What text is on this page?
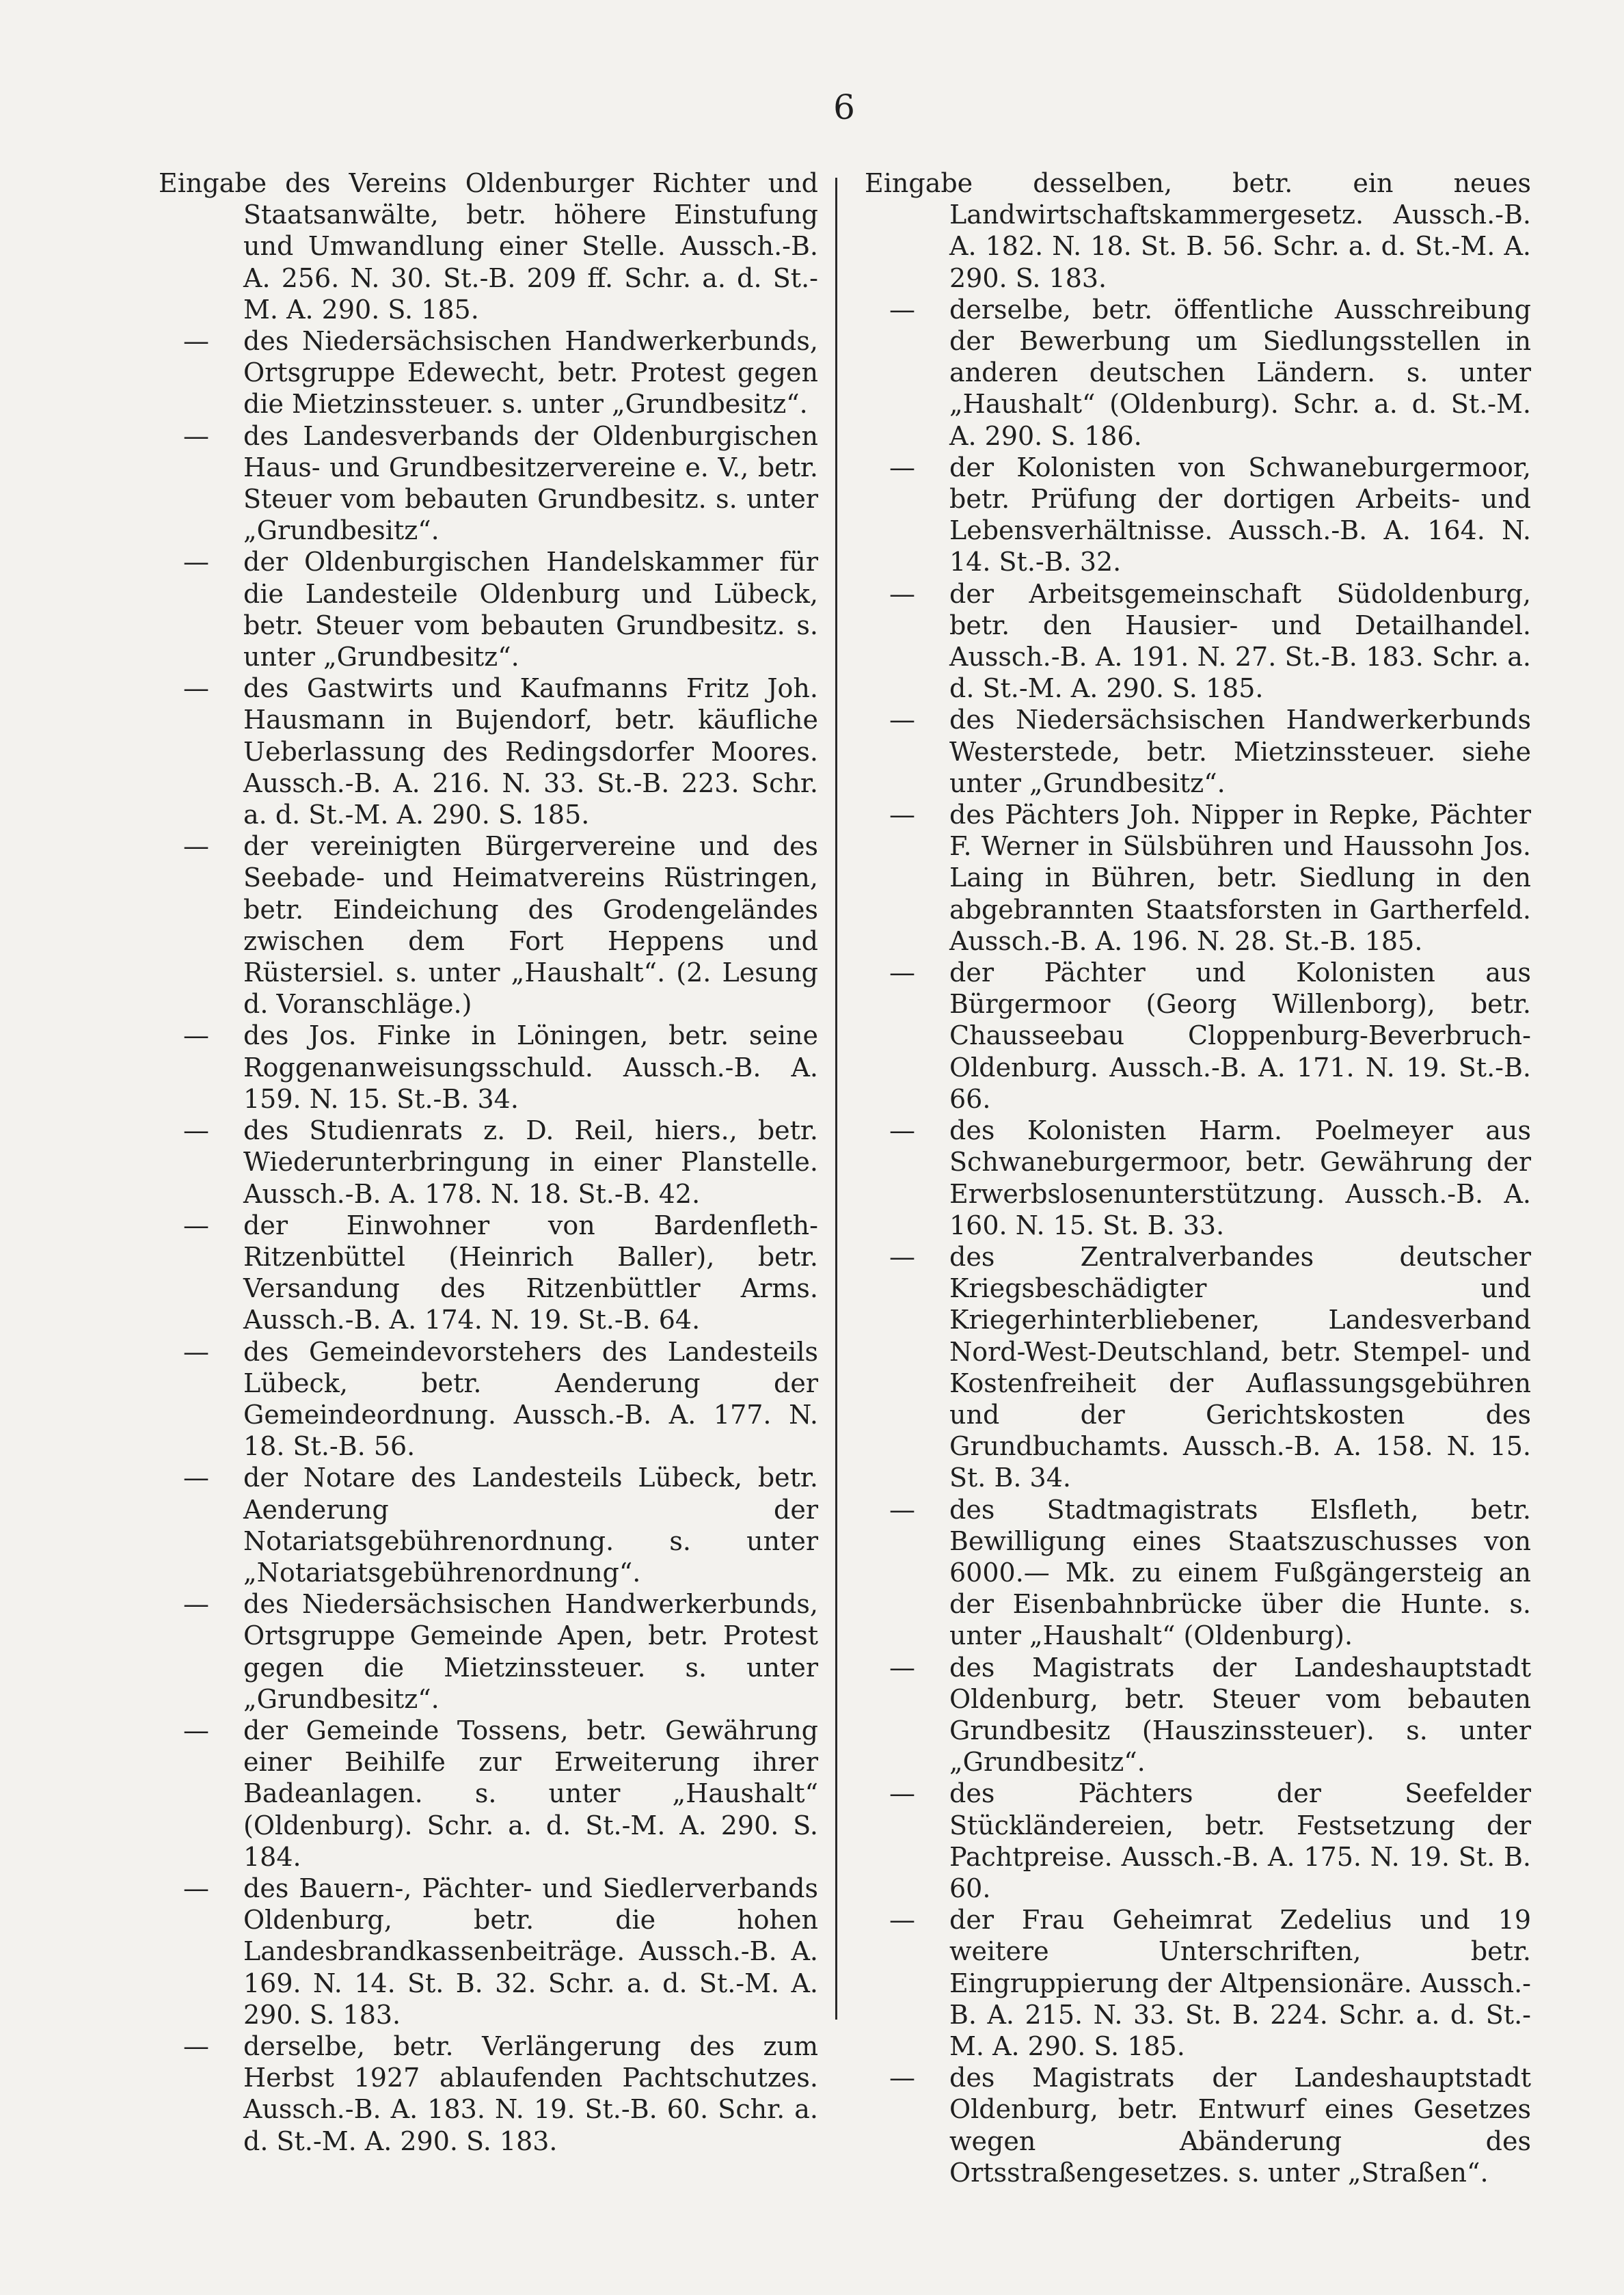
6
Eingabe des Vereins Oldenburger Richter und Staatsanwälte, betr. höhere Einstufung und Umwandlung einer Stelle. Aussch.-B. A. 256. N. 30. St.-B. 209 ff. Schr. a. d. St.-M. A. 290. S. 185.
— des Niedersächsischen Handwerkerbunds, Ortsgruppe Edewecht, betr. Protest gegen die Mietzinssteuer. s. unter „Grundbesitz“.
— des Landesverbands der Oldenburgischen Haus- und Grundbesitzervereine e. V., betr. Steuer vom bebauten Grundbesitz. s. unter „Grundbesitz“.
— der Oldenburgischen Handelskammer für die Landesteile Oldenburg und Lübeck, betr. Steuer vom bebauten Grundbesitz. s. unter „Grundbesitz“.
— des Gastwirts und Kaufmanns Fritz Joh. Hausmann in Bujendorf, betr. käufliche Ueberlassung des Redingsdorfer Moores. Aussch.-B. A. 216. N. 33. St.-B. 223. Schr. a. d. St.-M. A. 290. S. 185.
— der vereinigten Bürgervereine und des Seebade- und Heimatvereins Rüstringen, betr. Eindeichung des Grodengeländes zwischen dem Fort Heppens und Rüstersiel. s. unter „Haushalt“. (2. Lesung d. Voranschläge.)
— des Jos. Finke in Löningen, betr. seine Roggenanweisungsschuld. Aussch.-B. A. 159. N. 15. St.-B. 34.
— des Studienrats z. D. Reil, hiers., betr. Wiederunterbringung in einer Planstelle. Aussch.-B. A. 178. N. 18. St.-B. 42.
— der Einwohner von Bardenfleth-Ritzenbüttel (Heinrich Baller), betr. Versandung des Ritzenbüttler Arms. Aussch.-B. A. 174. N. 19. St.-B. 64.
— des Gemeindevorstehers des Landesteils Lübeck, betr. Aenderung der Gemeindeordnung. Aussch.-B. A. 177. N. 18. St.-B. 56.
— der Notare des Landesteils Lübeck, betr. Aenderung der Notariatsgebührenordnung. s. unter „Notariatsgebührenordnung“.
— des Niedersächsischen Handwerkerbunds, Ortsgruppe Gemeinde Apen, betr. Protest gegen die Mietzinssteuer. s. unter „Grundbesitz“.
— der Gemeinde Tossens, betr. Gewährung einer Beihilfe zur Erweiterung ihrer Badeanlagen. s. unter „Haushalt“ (Oldenburg). Schr. a. d. St.-M. A. 290. S. 184.
— des Bauern-, Pächter- und Siedlerverbands Oldenburg, betr. die hohen Landesbrandkassenbeiträge. Aussch.-B. A. 169. N. 14. St. B. 32. Schr. a. d. St.-M. A. 290. S. 183.
— derselbe, betr. Verlängerung des zum Herbst 1927 ablaufenden Pachtschutzes. Aussch.-B. A. 183. N. 19. St.-B. 60. Schr. a. d. St.-M. A. 290. S. 183.
Eingabe desselben, betr. ein neues Landwirtschaftskammergesetz. Aussch.-B. A. 182. N. 18. St. B. 56. Schr. a. d. St.-M. A. 290. S. 183.
— derselbe, betr. öffentliche Ausschreibung der Bewerbung um Siedlungsstellen in anderen deutschen Ländern. s. unter „Haushalt“ (Oldenburg). Schr. a. d. St.-M. A. 290. S. 186.
— der Kolonisten von Schwaneburgermoor, betr. Prüfung der dortigen Arbeits- und Lebensverhältnisse. Aussch.-B. A. 164. N. 14. St.-B. 32.
— der Arbeitsgemeinschaft Südoldenburg, betr. den Hausier- und Detailhandel. Aussch.-B. A. 191. N. 27. St.-B. 183. Schr. a. d. St.-M. A. 290. S. 185.
— des Niedersächsischen Handwerkerbunds Westerstede, betr. Mietzinssteuer. siehe unter „Grundbesitz“.
— des Pächters Joh. Nipper in Repke, Pächter F. Werner in Sülsbühren und Haussohn Jos. Laing in Bühren, betr. Siedlung in den abgebrannten Staatsforsten in Gartherfeld. Aussch.-B. A. 196. N. 28. St.-B. 185.
— der Pächter und Kolonisten aus Bürgermoor (Georg Willenborg), betr. Chausseebau Cloppenburg-Beverbruch-Oldenburg. Aussch.-B. A. 171. N. 19. St.-B. 66.
— des Kolonisten Harm. Poelmeyer aus Schwaneburgermoor, betr. Gewährung der Erwerbslosenunterstützung. Aussch.-B. A. 160. N. 15. St. B. 33.
— des Zentralverbandes deutscher Kriegsbeschädigter und Kriegerhinterbliebener, Landesverband Nord-West-Deutschland, betr. Stempel- und Kostenfreiheit der Auflassungsgebühren und der Gerichtskosten des Grundbuchamts. Aussch.-B. A. 158. N. 15. St. B. 34.
— des Stadtmagistrats Elsfleth, betr. Bewilligung eines Staatszuschusses von 6000.— Mk. zu einem Fußgängersteig an der Eisenbahnbrücke über die Hunte. s. unter „Haushalt“ (Oldenburg).
— des Magistrats der Landeshauptstadt Oldenburg, betr. Steuer vom bebauten Grundbesitz (Hauszinssteuer). s. unter „Grundbesitz“.
— des Pächters der Seefelder Stückländereien, betr. Festsetzung der Pachtpreise. Aussch.-B. A. 175. N. 19. St. B. 60.
— der Frau Geheimrat Zedelius und 19 weitere Unterschriften, betr. Eingruppierung der Altpensionäre. Aussch.-B. A. 215. N. 33. St. B. 224. Schr. a. d. St.-M. A. 290. S. 185.
— des Magistrats der Landeshauptstadt Oldenburg, betr. Entwurf eines Gesetzes wegen Abänderung des Ortsstraßengesetzes. s. unter „Straßen“.
